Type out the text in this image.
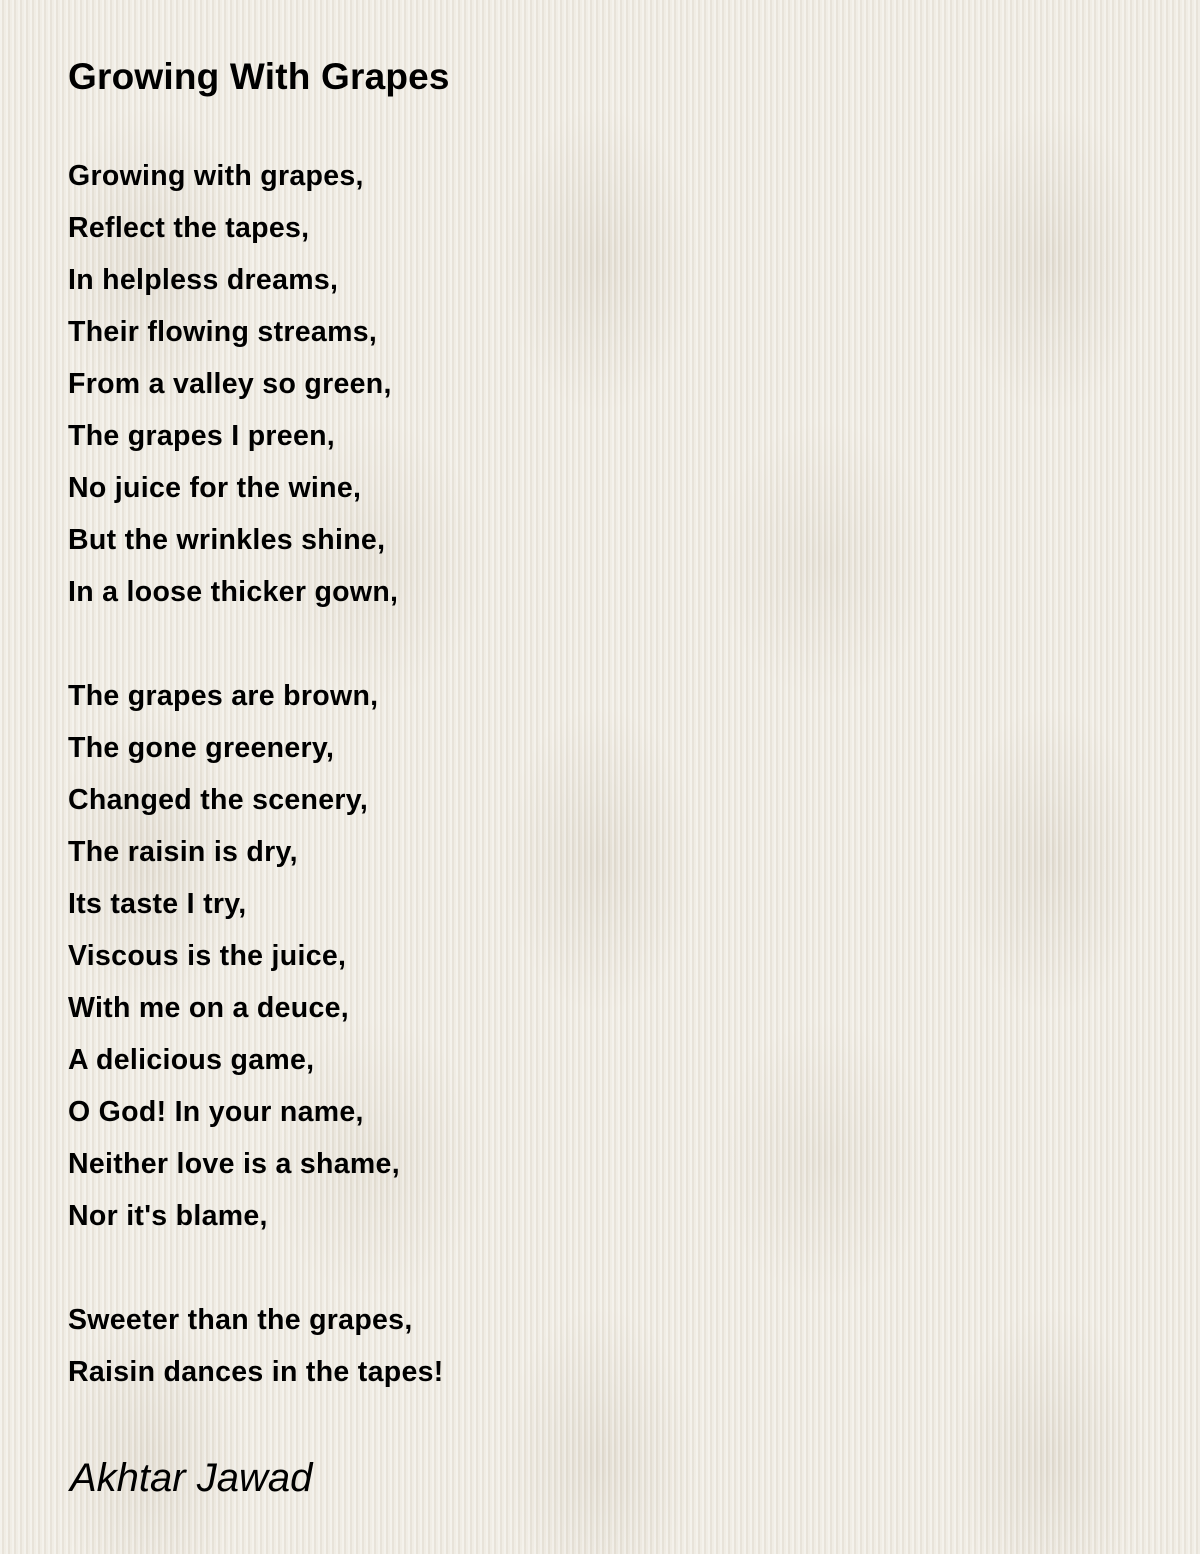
Growing With Grapes
Growing with grapes,
Reflect the tapes,
In helpless dreams,
Their flowing streams,
From a valley so green,
The grapes I preen,
No juice for the wine,
But the wrinkles shine,
In a loose thicker gown,
The grapes are brown,
The gone greenery,
Changed the scenery,
The raisin is dry,
Its taste I try,
Viscous is the juice,
With me on a deuce,
A delicious game,
O God! In your name,
Neither love is a shame,
Nor it's blame,
Sweeter than the grapes,
Raisin dances in the tapes!

Akhtar Jawad
